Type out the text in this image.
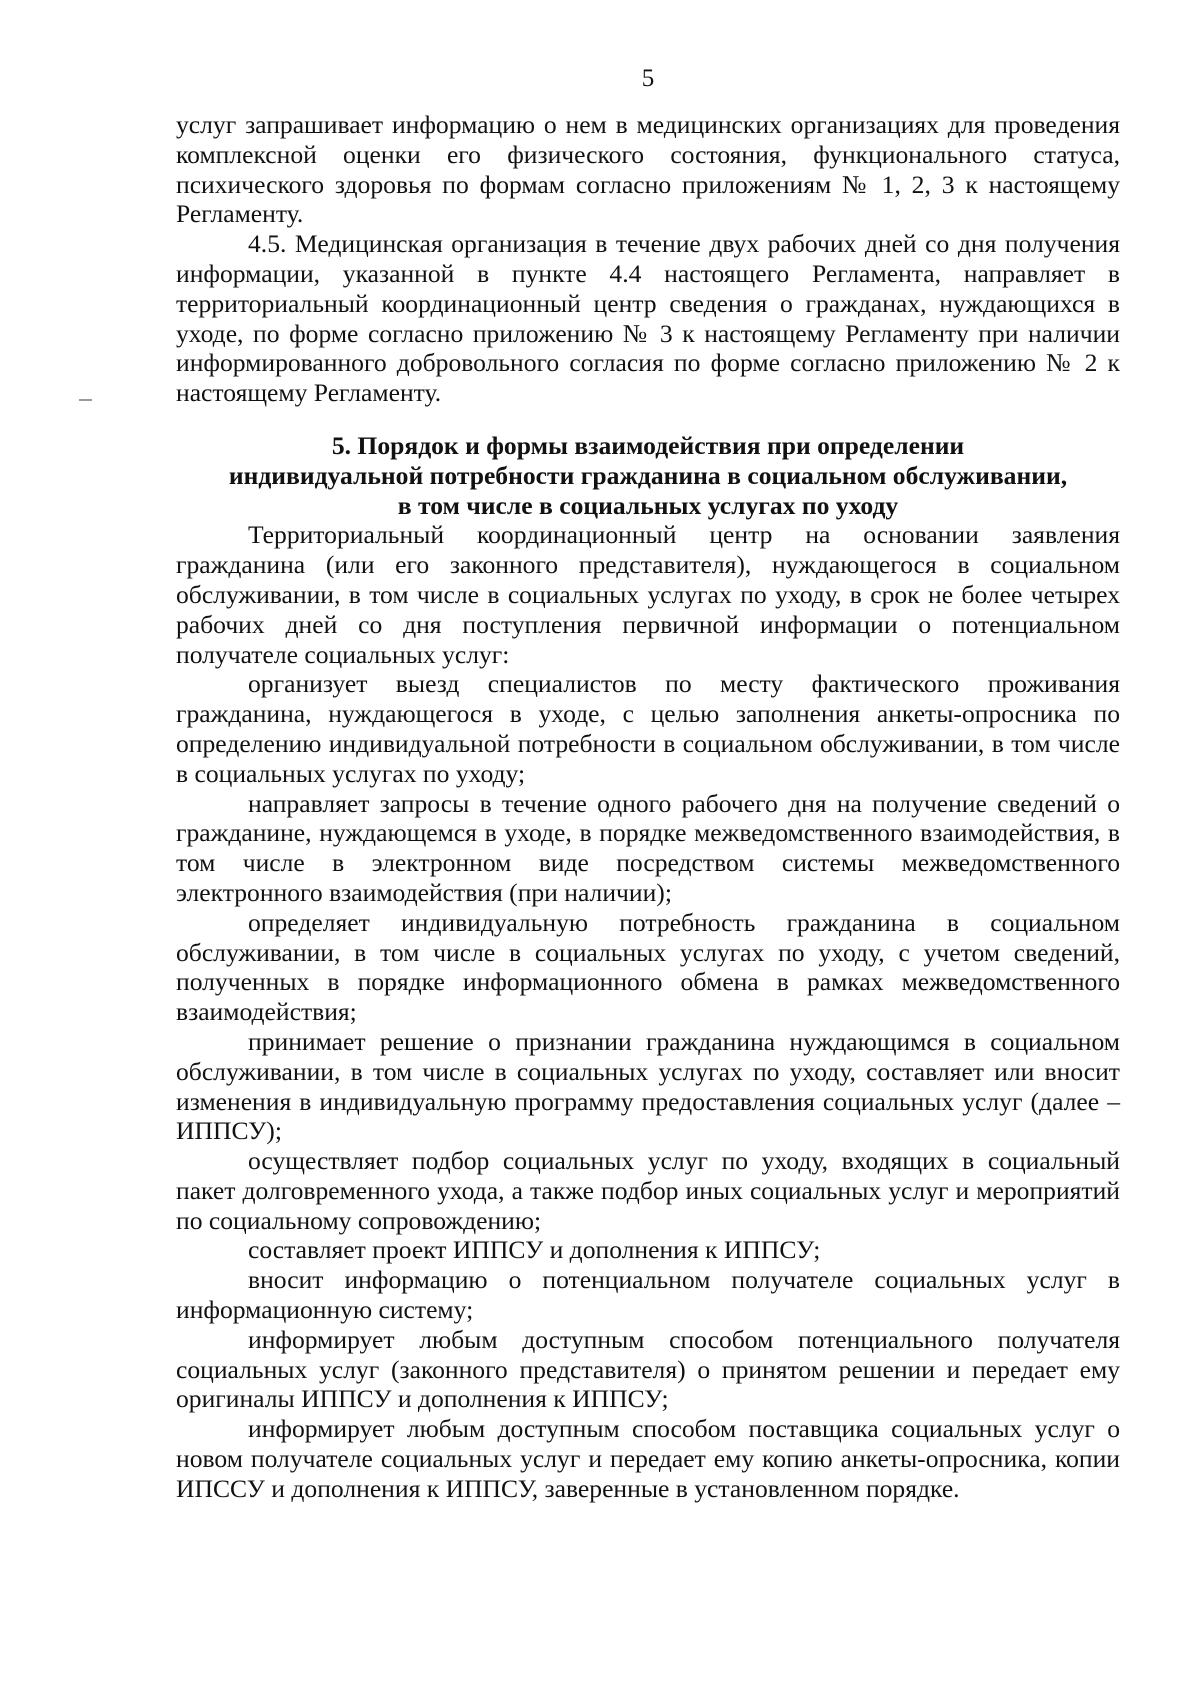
5

услуг запрашивает информацию о нем в медицинских организациях для проведения комплексной оценки его физического состояния, функционального статуса, психического здоровья по формам согласно приложениям № 1, 2, 3 к настоящему Регламенту.

4.5. Медицинская организация в течение двух рабочих дней со дня получения информации, указанной в пункте 4.4 настоящего Регламента, направляет в территориальный координационный центр сведения о гражданах, нуждающихся в уходе, по форме согласно приложению № 3 к настоящему Регламенту при наличии информированного добровольного согласия по форме согласно приложению № 2 к настоящему Регламенту.

5. Порядок и формы взаимодействия при определении

индивидуальной потребности гражданина в социальном обслуживании,

в том числе в социальных услугах по уходу

Территориальный координационный центр на основании заявления гражданина (или его законного представителя), нуждающегося в социальном обслуживании, в том числе в социальных услугах по уходу, в срок не более четырех рабочих дней со дня поступления первичной информации о потенциальном получателе социальных услуг:

организует выезд специалистов по месту фактического проживания гражданина, нуждающегося в уходе, с целью заполнения анкеты-опросника по определению индивидуальной потребности в социальном обслуживании, в том числе в социальных услугах по уходу;

направляет запросы в течение одного рабочего дня на получение сведений о гражданине, нуждающемся в уходе, в порядке межведомственного взаимодействия, в том числе в электронном виде посредством системы межведомственного электронного взаимодействия (при наличии);

определяет индивидуальную потребность гражданина в социальном обслуживании, в том числе в социальных услугах по уходу, с учетом сведений, полученных в порядке информационного обмена в рамках межведомственного взаимодействия;

принимает решение о признании гражданина нуждающимся в социальном обслуживании, в том числе в социальных услугах по уходу, составляет или вносит изменения в индивидуальную программу предоставления социальных услуг (далее – ИППСУ);

осуществляет подбор социальных услуг по уходу, входящих в социальный пакет долговременного ухода, а также подбор иных социальных услуг и мероприятий по социальному сопровождению;

составляет проект ИППСУ и дополнения к ИППСУ;

вносит информацию о потенциальном получателе социальных услуг в информационную систему;

информирует любым доступным способом потенциального получателя социальных услуг (законного представителя) о принятом решении и передает ему оригиналы ИППСУ и дополнения к ИППСУ;

информирует любым доступным способом поставщика социальных услуг о новом получателе социальных услуг и передает ему копию анкеты-опросника, копии ИПССУ и дополнения к ИППСУ, заверенные в установленном порядке.
